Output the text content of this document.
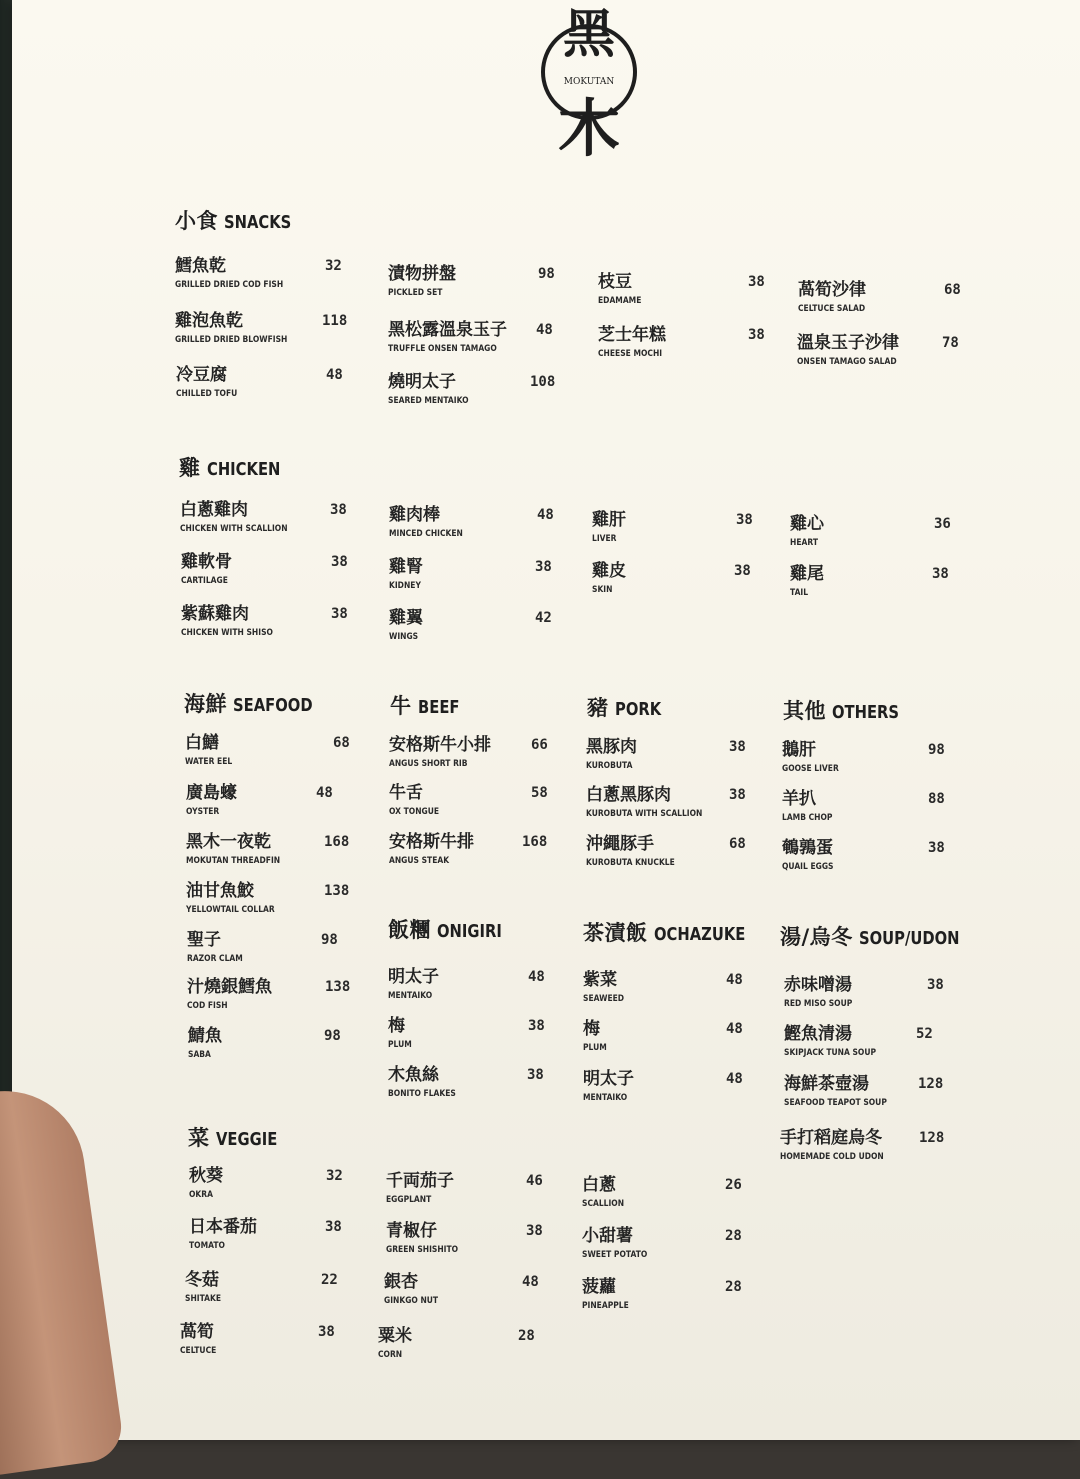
黑
MOKUTAN
木
小食 SNACKS
鱈魚乾
GRILLED DRIED COD FISH
32
雞泡魚乾
GRILLED DRIED BLOWFISH
118
冷豆腐
CHILLED TOFU
48
漬物拼盤
PICKLED SET
98
黑松露溫泉玉子
TRUFFLE ONSEN TAMAGO
48
燒明太子
SEARED MENTAIKO
108
枝豆
EDAMAME
38
芝士年糕
CHEESE MOCHI
38
萵筍沙律
CELTUCE SALAD
68
溫泉玉子沙律
ONSEN TAMAGO SALAD
78
雞 CHICKEN
白蔥雞肉
CHICKEN WITH SCALLION
38
雞軟骨
CARTILAGE
38
紫蘇雞肉
CHICKEN WITH SHISO
38
雞肉棒
MINCED CHICKEN
48
雞腎
KIDNEY
38
雞翼
WINGS
42
雞肝
LIVER
38
雞皮
SKIN
38
雞心
HEART
36
雞尾
TAIL
38
海鮮 SEAFOOD
白鱔
WATER EEL
68
廣島蠔
OYSTER
48
黑木一夜乾
MOKUTAN THREADFIN
168
油甘魚鮫
YELLOWTAIL COLLAR
138
聖子
RAZOR CLAM
98
汁燒銀鱈魚
COD FISH
138
鯖魚
SABA
98
牛 BEEF
安格斯牛小排
ANGUS SHORT RIB
66
牛舌
OX TONGUE
58
安格斯牛排
ANGUS STEAK
168
豬 PORK
黑豚肉
KUROBUTA
38
白蔥黑豚肉
KUROBUTA WITH SCALLION
38
沖繩豚手
KUROBUTA KNUCKLE
68
其他 OTHERS
鵝肝
GOOSE LIVER
98
羊扒
LAMB CHOP
88
鵪鶉蛋
QUAIL EGGS
38
飯糰 ONIGIRI
明太子
MENTAIKO
48
梅
PLUM
38
木魚絲
BONITO FLAKES
38
茶漬飯 OCHAZUKE
紫菜
SEAWEED
48
梅
PLUM
48
明太子
MENTAIKO
48
湯/烏冬 SOUP/UDON
赤味噌湯
RED MISO SOUP
38
鰹魚清湯
SKIPJACK TUNA SOUP
52
海鮮茶壺湯
SEAFOOD TEAPOT SOUP
128
手打稻庭烏冬
HOMEMADE COLD UDON
128
菜 VEGGIE
秋葵
OKRA
32
日本番茄
TOMATO
38
冬菇
SHITAKE
22
萵筍
CELTUCE
38
千両茄子
EGGPLANT
46
青椒仔
GREEN SHISHITO
38
銀杏
GINKGO NUT
48
粟米
CORN
28
白蔥
SCALLION
26
小甜薯
SWEET POTATO
28
菠蘿
PINEAPPLE
28
